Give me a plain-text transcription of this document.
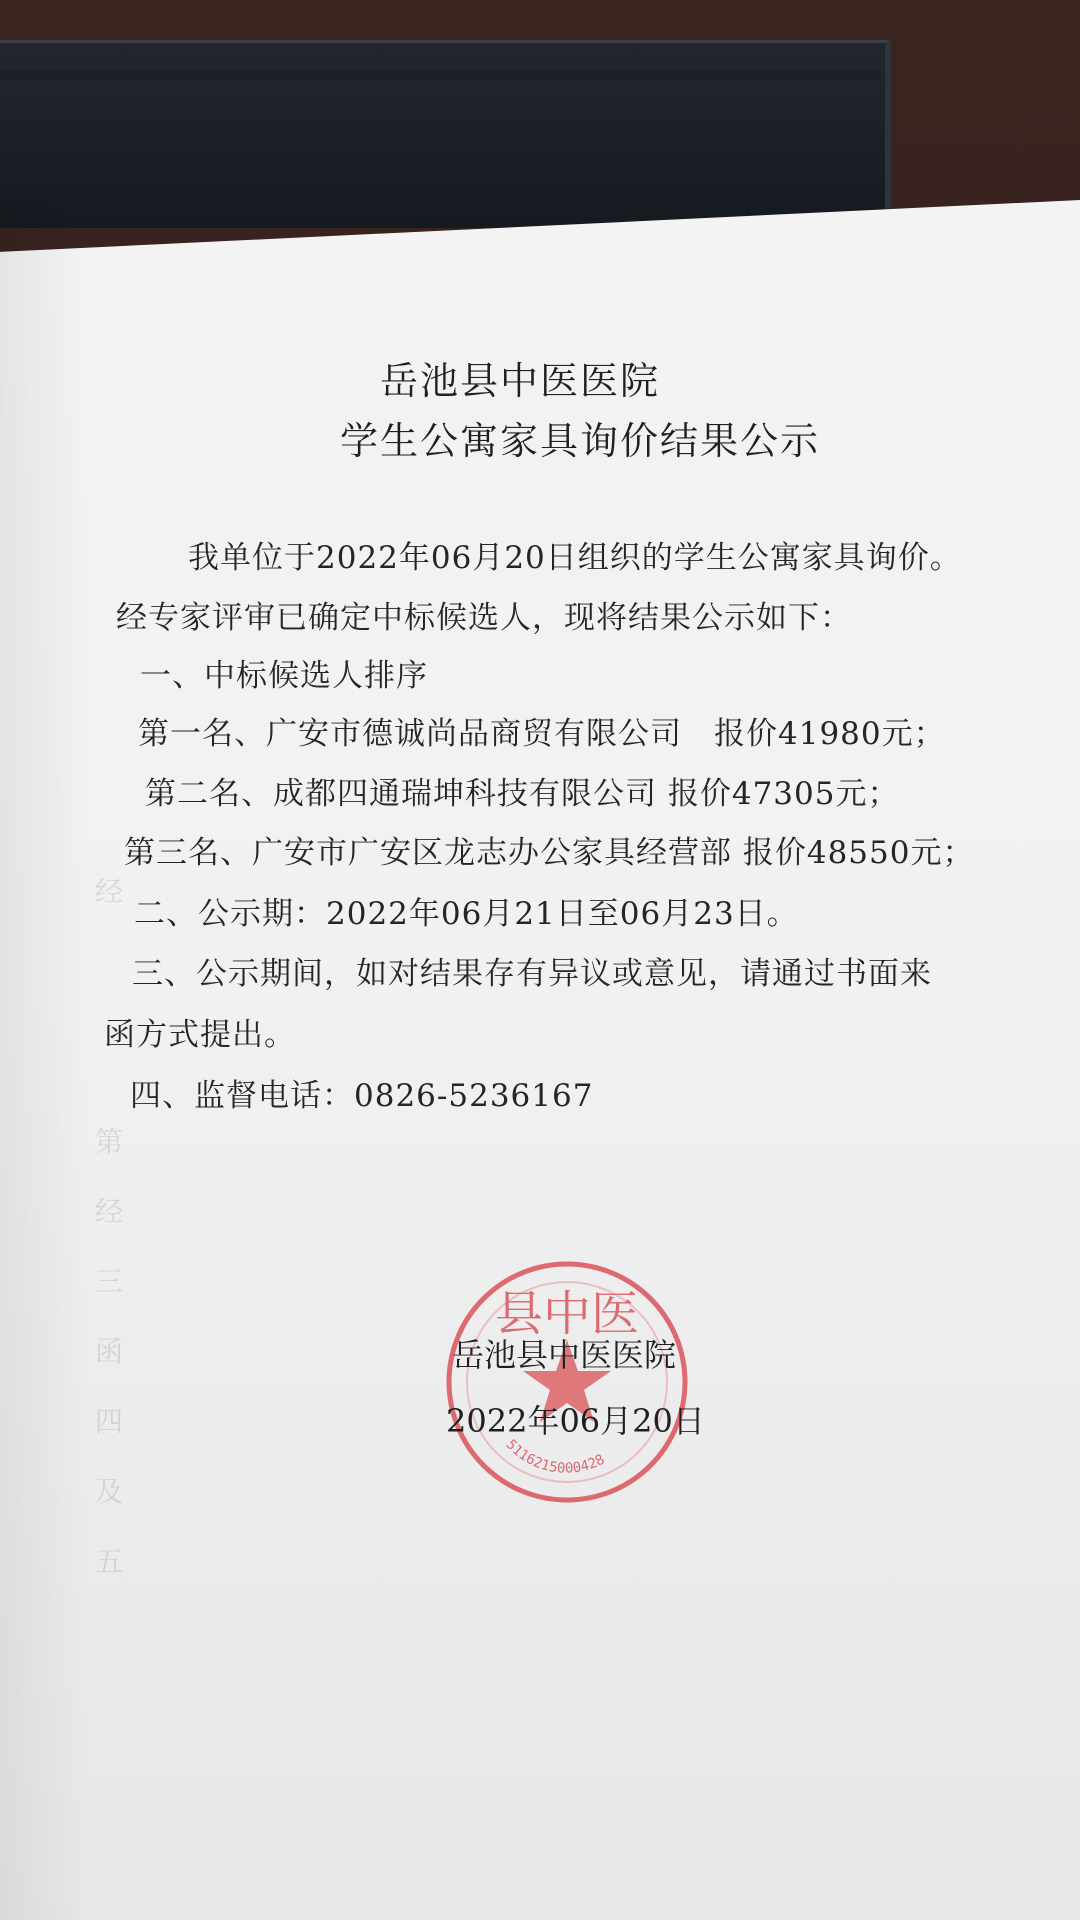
经
第
经
三
函
四
及
五
岳池县中医医院
学生公寓家具询价结果公示
我单位于2022年06月20日组织的学生公寓家具询价。
经专家评审已确定中标候选人，现将结果公示如下：
一、中标候选人排序
第一名、广安市德诚尚品商贸有限公司　报价41980元；
第二名、成都四通瑞坤科技有限公司 报价47305元；
第三名、广安市广安区龙志办公家具经营部 报价48550元；
二、公示期：2022年06月21日至06月23日。
三、公示期间，如对结果存有异议或意见，请通过书面来
函方式提出。
四、监督电话：0826-5236167
县中医
5116215000428
岳池县中医医院
2022年06月20日
